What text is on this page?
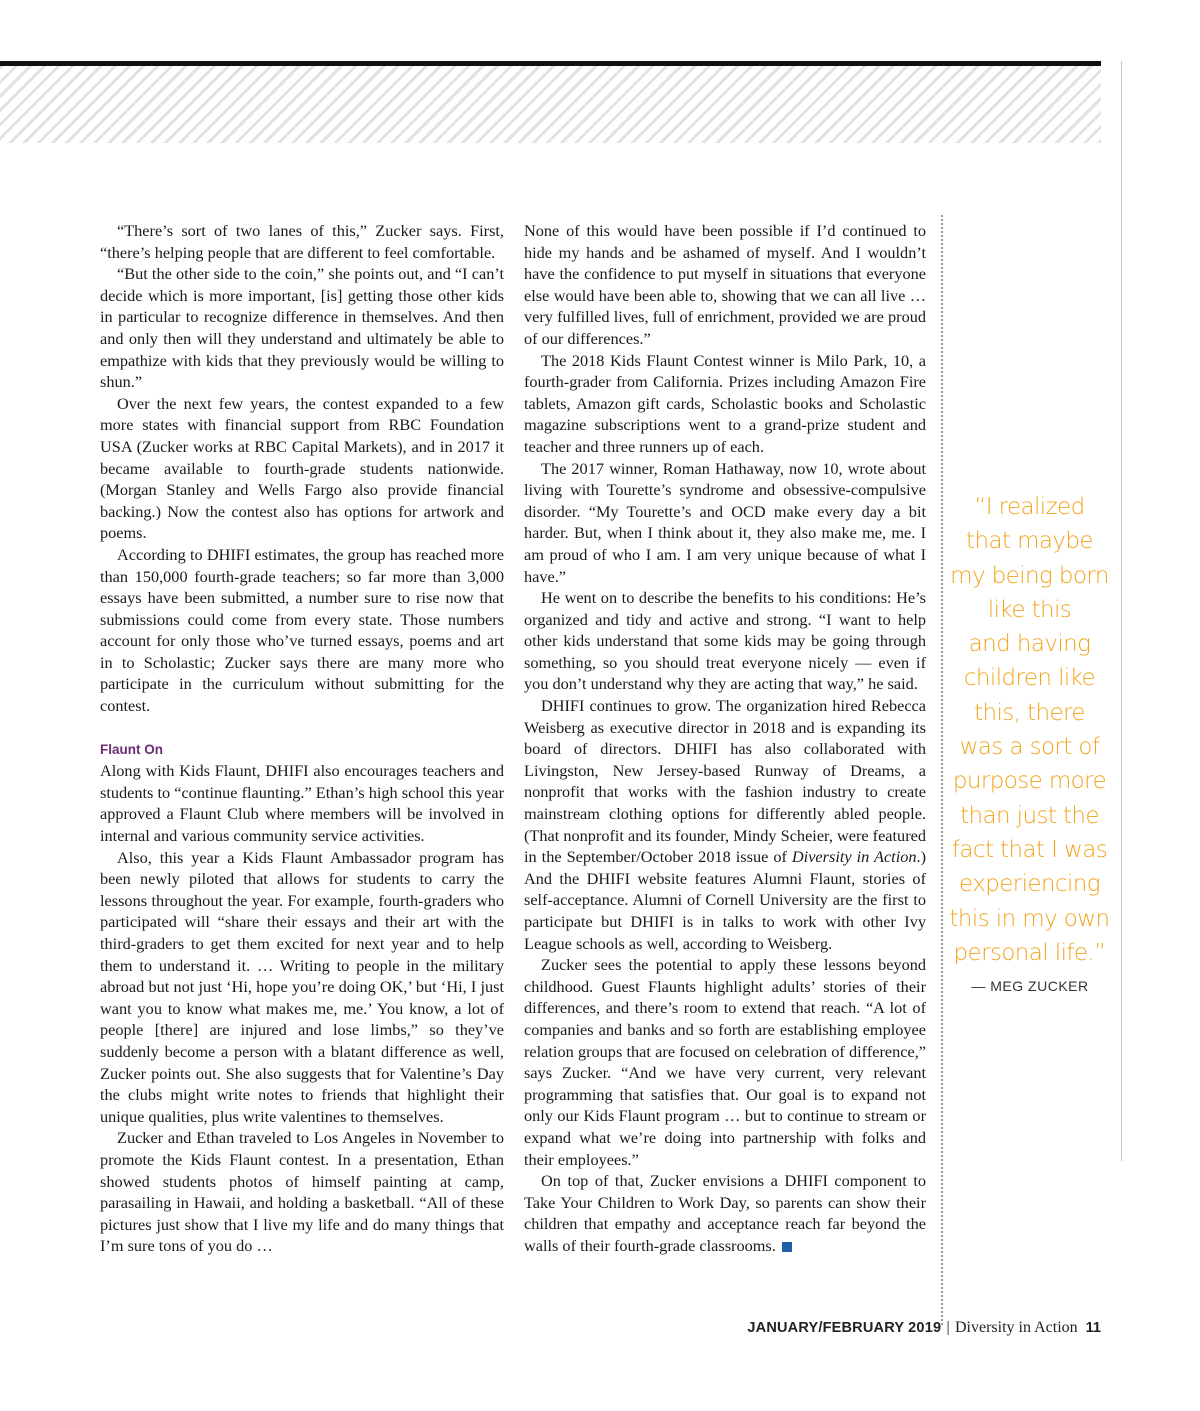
“There’s sort of two lanes of this,” Zucker says. First, “there’s helping people that are different to feel comfortable.

“But the other side to the coin,” she points out, and “I can’t decide which is more important, [is] getting those other kids in particular to recognize difference in themselves. And then and only then will they understand and ultimately be able to empathize with kids that they previously would be willing to shun.”

Over the next few years, the contest expanded to a few more states with financial support from RBC Foundation USA (Zucker works at RBC Capital Markets), and in 2017 it became available to fourth-grade students nationwide. (Morgan Stanley and Wells Fargo also provide financial backing.) Now the contest also has options for artwork and poems.

According to DHIFI estimates, the group has reached more than 150,000 fourth-grade teachers; so far more than 3,000 essays have been submitted, a number sure to rise now that submissions could come from every state. Those numbers account for only those who’ve turned essays, poems and art in to Scholastic; Zucker says there are many more who participate in the curriculum without submitting for the contest.

Flaunt On

Along with Kids Flaunt, DHIFI also encourages teachers and students to “continue flaunting.” Ethan’s high school this year approved a Flaunt Club where members will be involved in internal and various community service activities.

Also, this year a Kids Flaunt Ambassador program has been newly piloted that allows for students to carry the lessons throughout the year. For example, fourth-graders who participated will “share their essays and their art with the third-graders to get them excited for next year and to help them to understand it. … Writing to people in the military abroad but not just ‘Hi, hope you’re doing OK,’ but ‘Hi, I just want you to know what makes me, me.’ You know, a lot of people [there] are injured and lose limbs,” so they’ve suddenly become a person with a blatant difference as well, Zucker points out. She also suggests that for Valentine’s Day the clubs might write notes to friends that highlight their unique qualities, plus write valentines to themselves.

Zucker and Ethan traveled to Los Angeles in November to promote the Kids Flaunt contest. In a presentation, Ethan showed students photos of himself painting at camp, parasailing in Hawaii, and holding a basketball. “All of these pictures just show that I live my life and do many things that I’m sure tons of you do …

None of this would have been possible if I’d continued to hide my hands and be ashamed of myself. And I wouldn’t have the confidence to put myself in situations that everyone else would have been able to, showing that we can all live … very fulfilled lives, full of enrichment, provided we are proud of our differences.”

The 2018 Kids Flaunt Contest winner is Milo Park, 10, a fourth-grader from California. Prizes including Amazon Fire tablets, Amazon gift cards, Scholastic books and Scholastic magazine subscriptions went to a grand-prize student and teacher and three runners up of each.

The 2017 winner, Roman Hathaway, now 10, wrote about living with Tourette’s syndrome and obsessive-compulsive disorder. “My Tourette’s and OCD make every day a bit harder. But, when I think about it, they also make me, me. I am proud of who I am. I am very unique because of what I have.”

He went on to describe the benefits to his conditions: He’s organized and tidy and active and strong. “I want to help other kids understand that some kids may be going through something, so you should treat everyone nicely — even if you don’t understand why they are acting that way,” he said.

DHIFI continues to grow. The organization hired Rebecca Weisberg as executive director in 2018 and is expanding its board of directors. DHIFI has also collaborated with Livingston, New Jersey-based Runway of Dreams, a nonprofit that works with the fashion industry to create mainstream clothing options for differently abled people. (That nonprofit and its founder, Mindy Scheier, were featured in the September/October 2018 issue of Diversity in Action.) And the DHIFI website features Alumni Flaunt, stories of self-acceptance. Alumni of Cornell University are the first to participate but DHIFI is in talks to work with other Ivy League schools as well, according to Weisberg.

Zucker sees the potential to apply these lessons beyond childhood. Guest Flaunts highlight adults’ stories of their differences, and there’s room to extend that reach. “A lot of companies and banks and so forth are establishing employee relation groups that are focused on celebration of difference,” says Zucker. “And we have very current, very relevant programming that satisfies that. Our goal is to expand not only our Kids Flaunt program … but to continue to stream or expand what we’re doing into partnership with folks and their employees.”

On top of that, Zucker envisions a DHIFI component to Take Your Children to Work Day, so parents can show their children that empathy and acceptance reach far beyond the walls of their fourth-grade classrooms.

“I realized
that maybe
my being born
like this
and having
children like
this, there
was a sort of
purpose more
than just the
fact that I was
experiencing
this in my own
personal life.”
— MEG ZUCKER
JANUARY/FEBRUARY 2019 | Diversity in Action 11
